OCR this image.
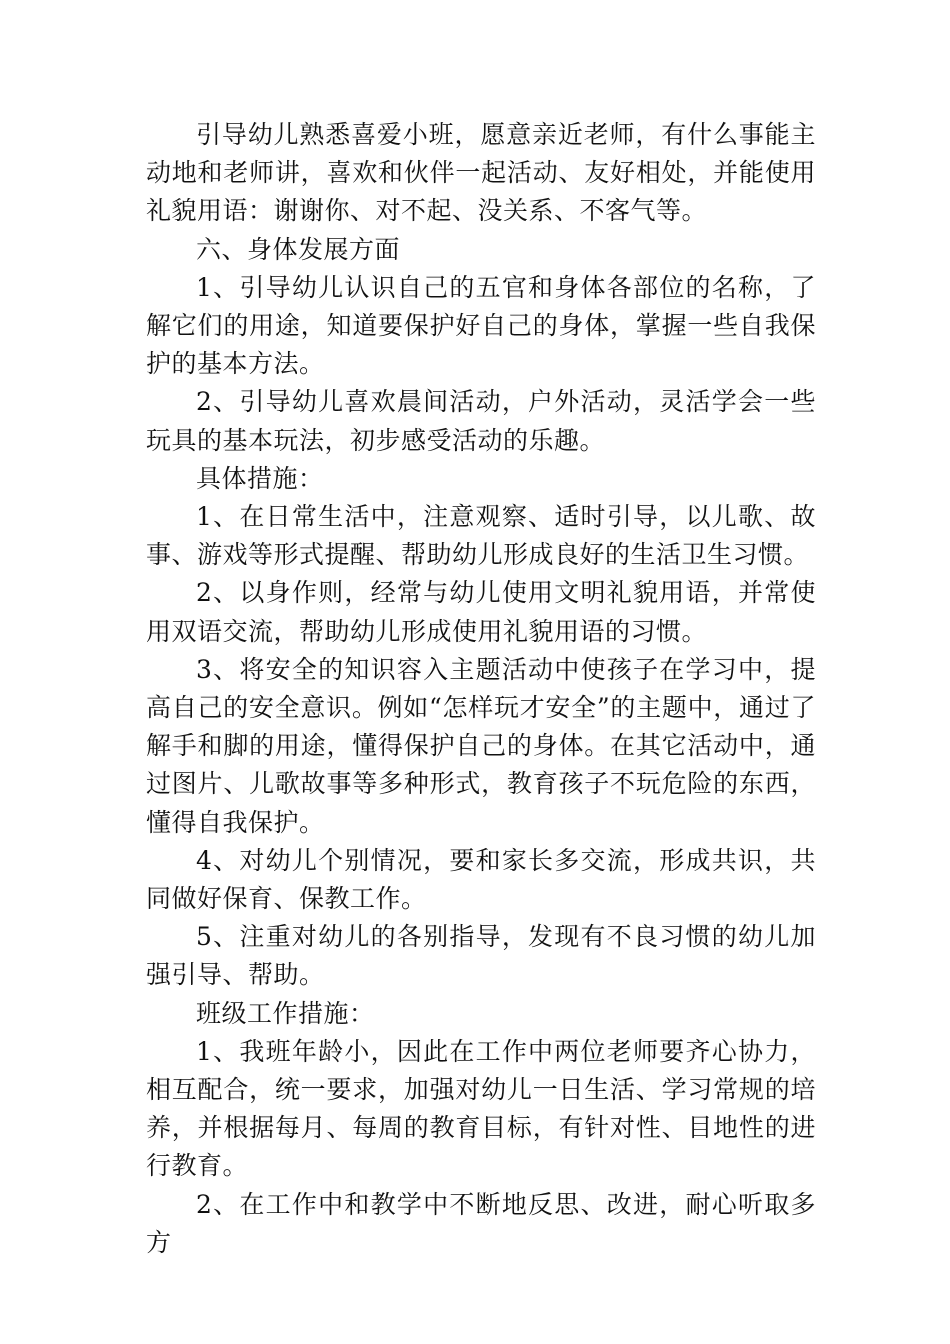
引导幼儿熟悉喜爱小班，愿意亲近老师，有什么事能主动地和老师讲，喜欢和伙伴一起活动、友好相处，并能使用礼貌用语：谢谢你、对不起、没关系、不客气等。

六、身体发展方面

1、引导幼儿认识自己的五官和身体各部位的名称，了解它们的用途，知道要保护好自己的身体，掌握一些自我保护的基本方法。

2、引导幼儿喜欢晨间活动，户外活动，灵活学会一些玩具的基本玩法，初步感受活动的乐趣。

具体措施：

1、在日常生活中，注意观察、适时引导，以儿歌、故事、游戏等形式提醒、帮助幼儿形成良好的生活卫生习惯。

2、以身作则，经常与幼儿使用文明礼貌用语，并常使用双语交流，帮助幼儿形成使用礼貌用语的习惯。

3、将安全的知识容入主题活动中使孩子在学习中，提高自己的安全意识。例如“怎样玩才安全”的主题中，通过了解手和脚的用途，懂得保护自己的身体。在其它活动中，通过图片、儿歌故事等多种形式，教育孩子不玩危险的东西，懂得自我保护。

4、对幼儿个别情况，要和家长多交流，形成共识，共同做好保育、保教工作。

5、注重对幼儿的各别指导，发现有不良习惯的幼儿加强引导、帮助。

班级工作措施：

1、我班年龄小，因此在工作中两位老师要齐心协力，相互配合，统一要求，加强对幼儿一日生活、学习常规的培养，并根据每月、每周的教育目标，有针对性、目地性的进行教育。

2、在工作中和教学中不断地反思、改进，耐心听取多方
